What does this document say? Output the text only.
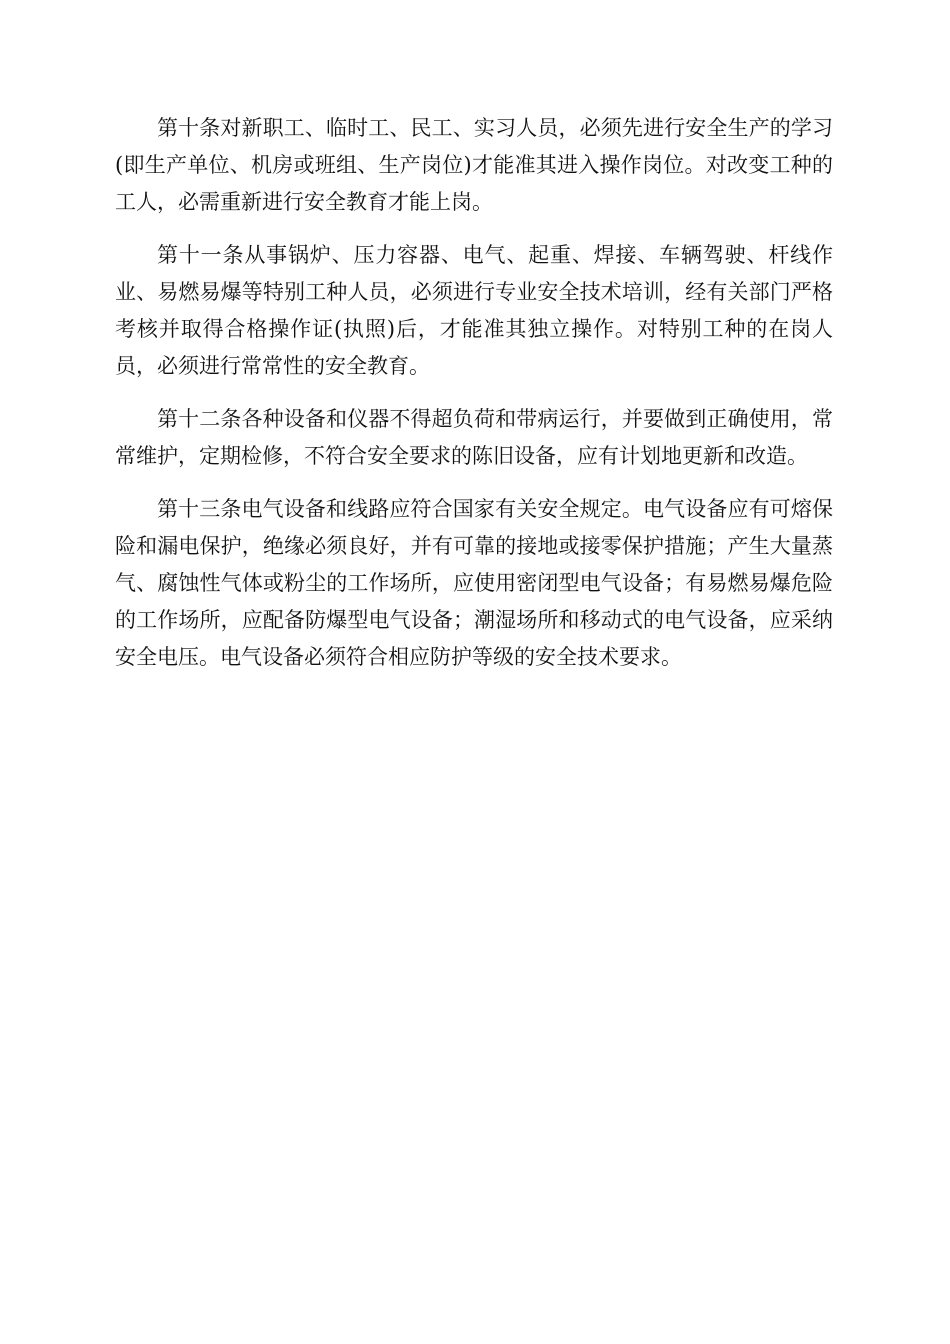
第十条对新职工、临时工、民工、实习人员，必须先进行安全生产的学习(即生产单位、机房或班组、生产岗位)才能准其进入操作岗位。对改变工种的工人，必需重新进行安全教育才能上岗。

第十一条从事锅炉、压力容器、电气、起重、焊接、车辆驾驶、杆线作业、易燃易爆等特别工种人员，必须进行专业安全技术培训，经有关部门严格考核并取得合格操作证(执照)后，才能准其独立操作。对特别工种的在岗人员，必须进行常常性的安全教育。

第十二条各种设备和仪器不得超负荷和带病运行，并要做到正确使用，常常维护，定期检修，不符合安全要求的陈旧设备，应有计划地更新和改造。

第十三条电气设备和线路应符合国家有关安全规定。电气设备应有可熔保险和漏电保护，绝缘必须良好，并有可靠的接地或接零保护措施；产生大量蒸气、腐蚀性气体或粉尘的工作场所，应使用密闭型电气设备；有易燃易爆危险的工作场所，应配备防爆型电气设备；潮湿场所和移动式的电气设备，应采纳安全电压。电气设备必须符合相应防护等级的安全技术要求。
